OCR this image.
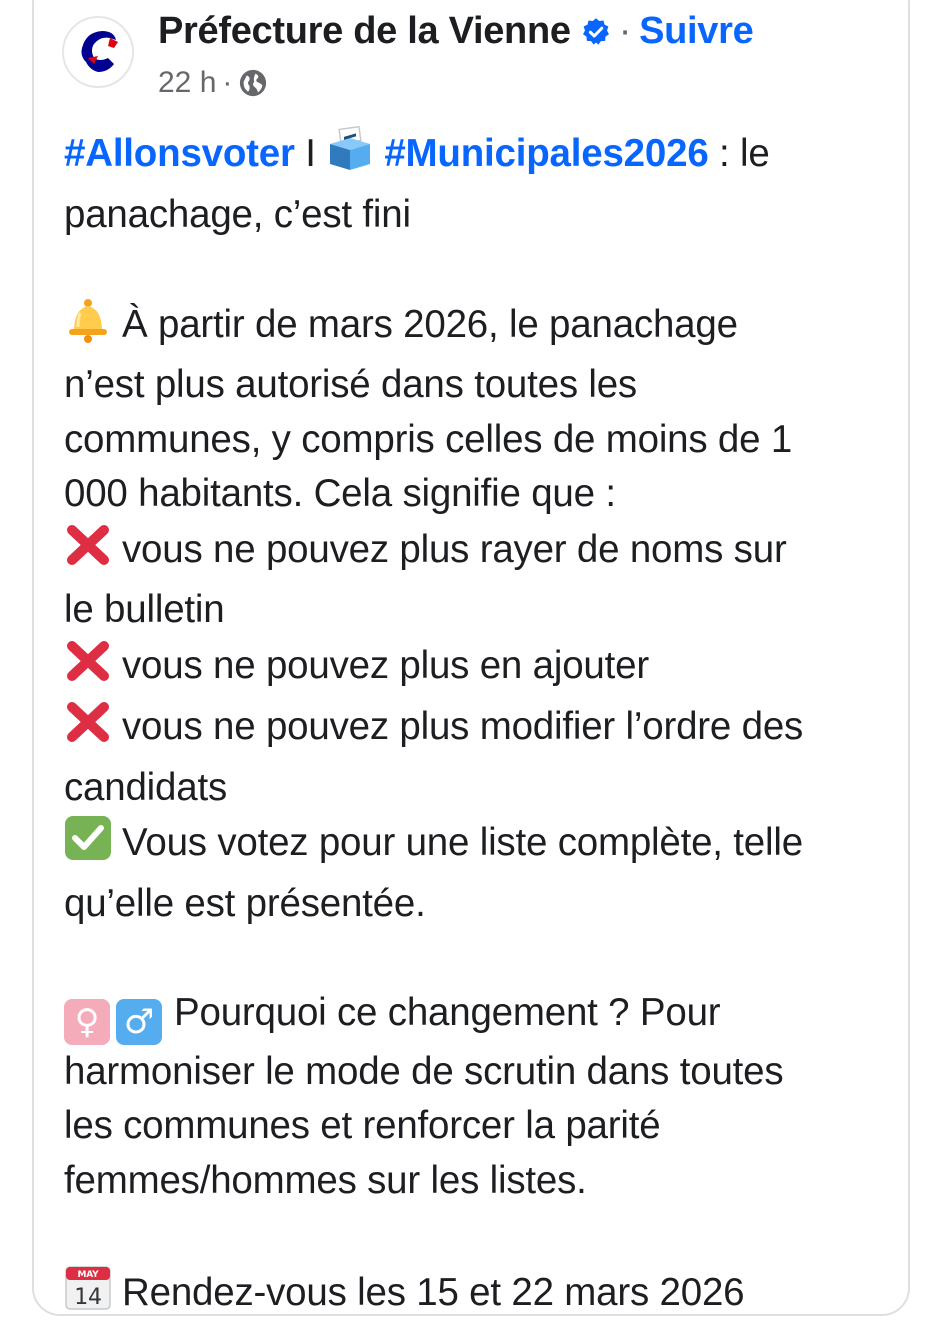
Préfecture de la Vienne · Suivre
22 h ·

#Allonsvoter I #Municipales2026 : le

panachage, c’est fini

À partir de mars 2026, le panachage

n’est plus autorisé dans toutes les

communes, y compris celles de moins de 1

000 habitants. Cela signifie que :

vous ne pouvez plus rayer de noms sur

le bulletin

vous ne pouvez plus en ajouter

vous ne pouvez plus modifier l’ordre des

candidats

Vous votez pour une liste complète, telle

qu’elle est présentée.

♀ ♂ Pourquoi ce changement ? Pour

harmoniser le mode de scrutin dans toutes

les communes et renforcer la parité

femmes/hommes sur les listes.

MAY
14 Rendez-vous les 15 et 22 mars 2026
